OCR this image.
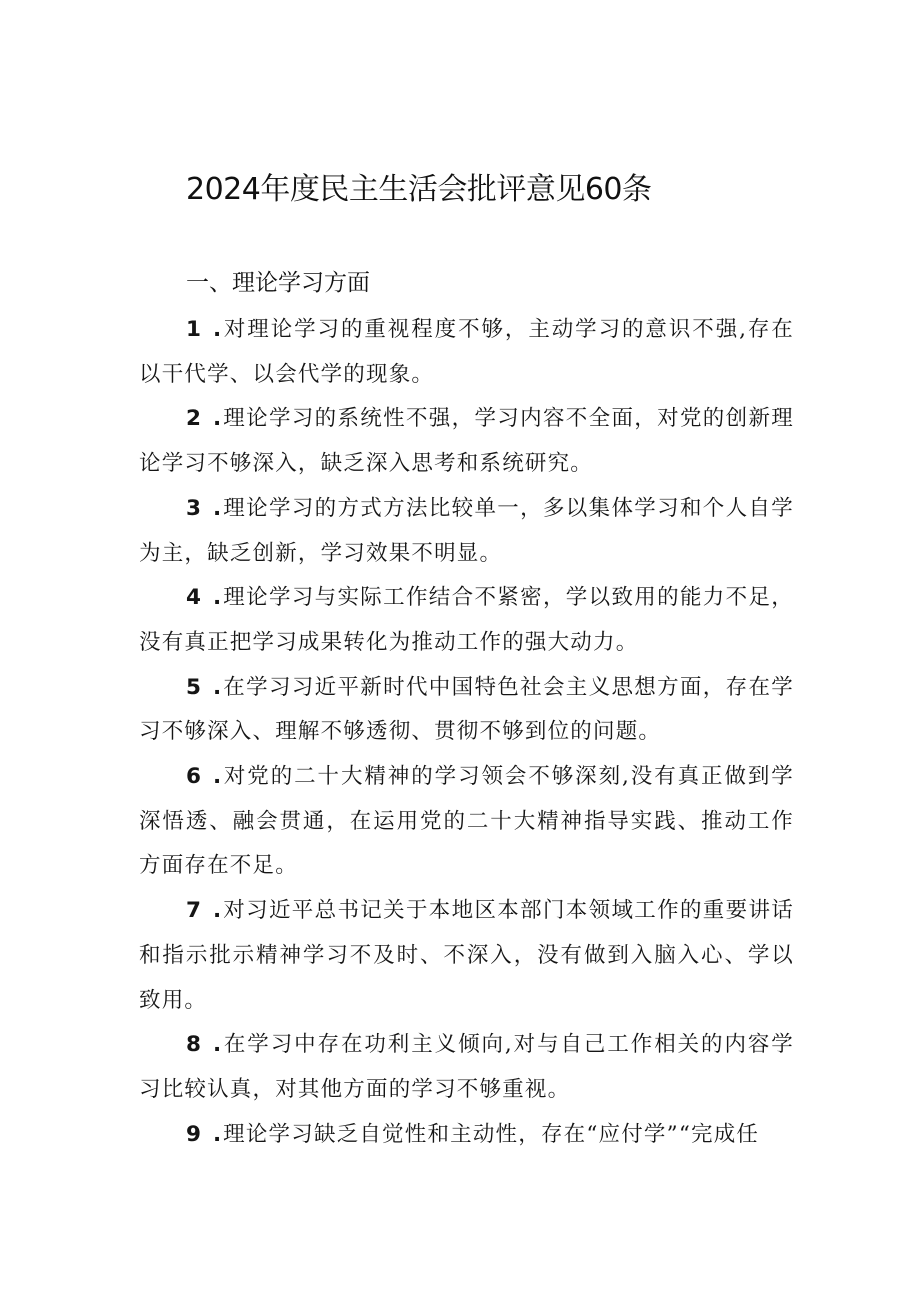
2024年度民主生活会批评意见60条
一、理论学习方面

1 .对理论学习的重视程度不够，主动学习的意识不强,存在以干代学、以会代学的现象。

2 .理论学习的系统性不强，学习内容不全面，对党的创新理论学习不够深入，缺乏深入思考和系统研究。

3 .理论学习的方式方法比较单一，多以集体学习和个人自学为主，缺乏创新，学习效果不明显。

4 .理论学习与实际工作结合不紧密，学以致用的能力不足，没有真正把学习成果转化为推动工作的强大动力。

5 .在学习习近平新时代中国特色社会主义思想方面，存在学习不够深入、理解不够透彻、贯彻不够到位的问题。

6 .对党的二十大精神的学习领会不够深刻,没有真正做到学深悟透、融会贯通，在运用党的二十大精神指导实践、推动工作方面存在不足。

7 .对习近平总书记关于本地区本部门本领域工作的重要讲话和指示批示精神学习不及时、不深入，没有做到入脑入心、学以致用。

8 .在学习中存在功利主义倾向,对与自己工作相关的内容学习比较认真，对其他方面的学习不够重视。

9 .理论学习缺乏自觉性和主动性，存在“应付学”“完成任
